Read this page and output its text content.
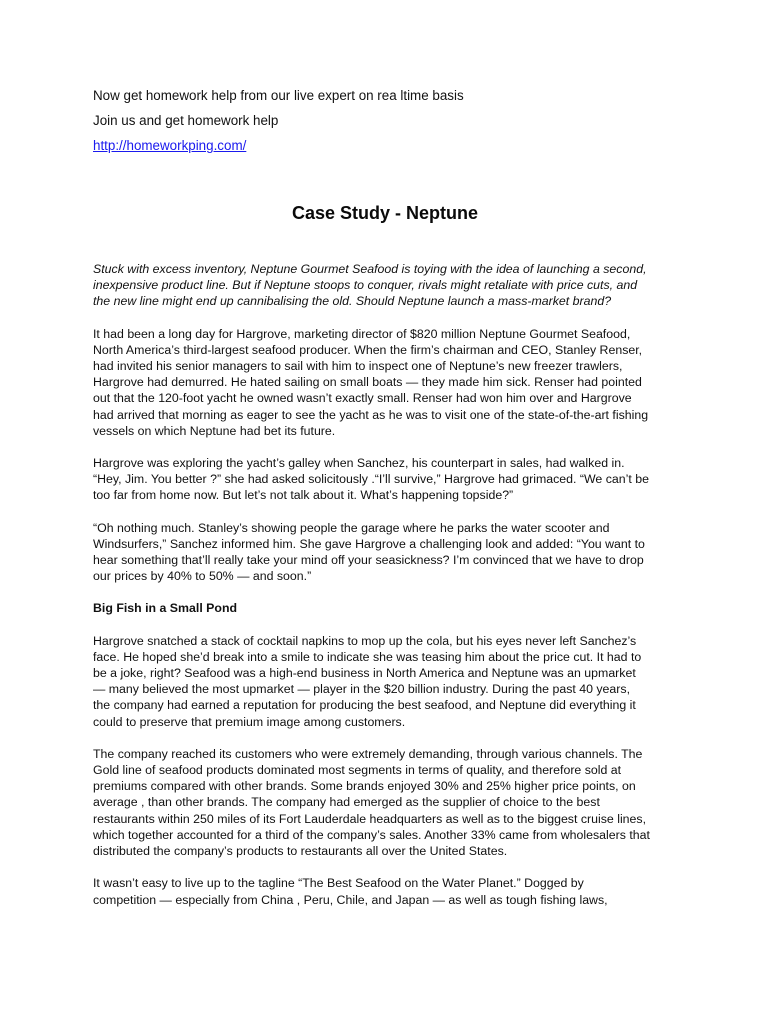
Now get homework help from our live expert on rea ltime basis
Join us and get homework help
http://homeworkping.com/
Case Study - Neptune
Stuck with excess inventory, Neptune Gourmet Seafood is toying with the idea of launching a second,
inexpensive product line. But if Neptune stoops to conquer, rivals might retaliate with price cuts, and
the new line might end up cannibalising the old. Should Neptune launch a mass-market brand?
It had been a long day for Hargrove, marketing director of $820 million Neptune Gourmet Seafood,
North America’s third-largest seafood producer. When the firm’s chairman and CEO, Stanley Renser,
had invited his senior managers to sail with him to inspect one of Neptune’s new freezer trawlers,
Hargrove had demurred. He hated sailing on small boats — they made him sick. Renser had pointed
out that the 120-foot yacht he owned wasn’t exactly small. Renser had won him over and Hargrove
had arrived that morning as eager to see the yacht as he was to visit one of the state-of-the-art fishing
vessels on which Neptune had bet its future.
Hargrove was exploring the yacht’s galley when Sanchez, his counterpart in sales, had walked in.
“Hey, Jim. You better ?” she had asked solicitously .“I’ll survive,” Hargrove had grimaced. “We can’t be
too far from home now. But let’s not talk about it. What’s happening topside?”
“Oh nothing much. Stanley’s showing people the garage where he parks the water scooter and
Windsurfers,” Sanchez informed him. She gave Hargrove a challenging look and added: “You want to
hear something that’ll really take your mind off your seasickness? I’m convinced that we have to drop
our prices by 40% to 50% — and soon.”
Big Fish in a Small Pond
Hargrove snatched a stack of cocktail napkins to mop up the cola, but his eyes never left Sanchez’s
face. He hoped she’d break into a smile to indicate she was teasing him about the price cut. It had to
be a joke, right? Seafood was a high-end business in North America and Neptune was an upmarket
— many believed the most upmarket — player in the $20 billion industry. During the past 40 years,
the company had earned a reputation for producing the best seafood, and Neptune did everything it
could to preserve that premium image among customers.
The company reached its customers who were extremely demanding, through various channels. The
Gold line of seafood products dominated most segments in terms of quality, and therefore sold at
premiums compared with other brands. Some brands enjoyed 30% and 25% higher price points, on
average , than other brands. The company had emerged as the supplier of choice to the best
restaurants within 250 miles of its Fort Lauderdale headquarters as well as to the biggest cruise lines,
which together accounted for a third of the company’s sales. Another 33% came from wholesalers that
distributed the company’s products to restaurants all over the United States.
It wasn’t easy to live up to the tagline “The Best Seafood on the Water Planet.” Dogged by
competition — especially from China , Peru, Chile, and Japan — as well as tough fishing laws,
